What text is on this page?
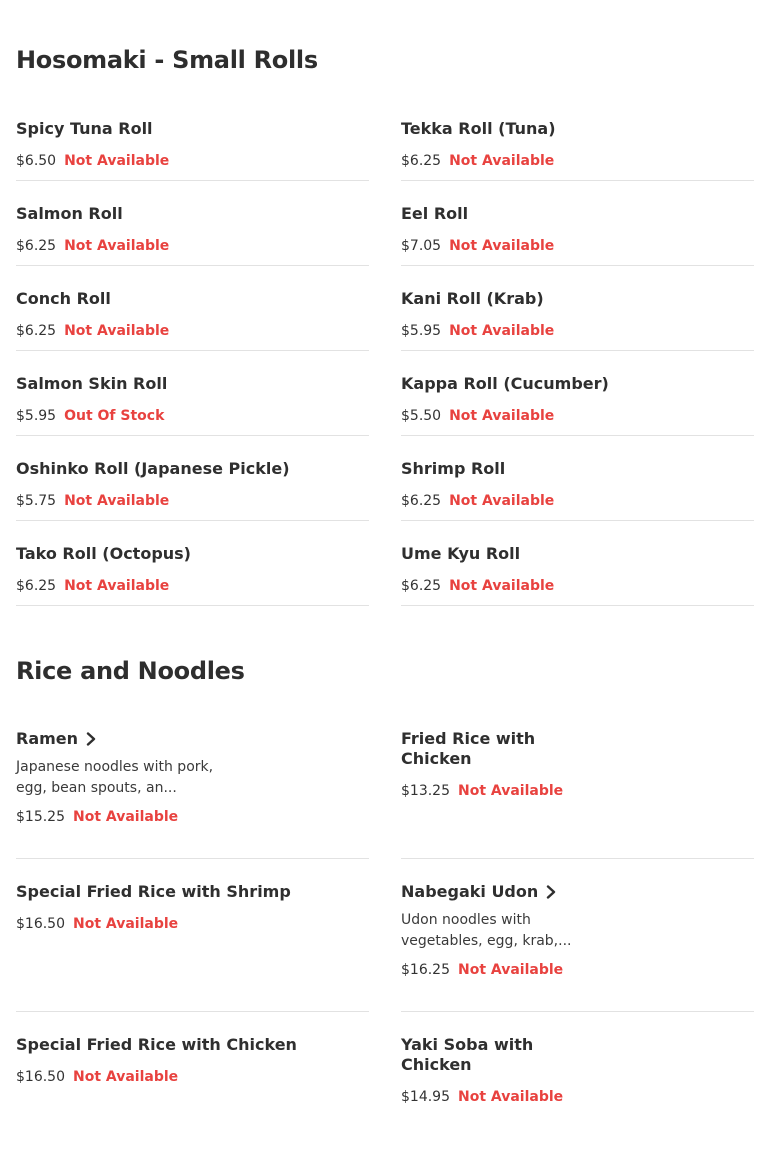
Hosomaki - Small Rolls
Spicy Tuna Roll
$6.50 Not Available
Tekka Roll (Tuna)
$6.25 Not Available
Salmon Roll
$6.25 Not Available
Eel Roll
$7.05 Not Available
Conch Roll
$6.25 Not Available
Kani Roll (Krab)
$5.95 Not Available
Salmon Skin Roll
$5.95 Out Of Stock
Kappa Roll (Cucumber)
$5.50 Not Available
Oshinko Roll (Japanese Pickle)
$5.75 Not Available
Shrimp Roll
$6.25 Not Available
Tako Roll (Octopus)
$6.25 Not Available
Ume Kyu Roll
$6.25 Not Available
Rice and Noodles
Ramen
Japanese noodles with pork, egg, bean spouts, an...
$15.25 Not Available
Fried Rice with Chicken
$13.25 Not Available
Special Fried Rice with Shrimp
$16.50 Not Available
Nabegaki Udon
Udon noodles with vegetables, egg, krab,...
$16.25 Not Available
Special Fried Rice with Chicken
$16.50 Not Available
Yaki Soba with Chicken
$14.95 Not Available
